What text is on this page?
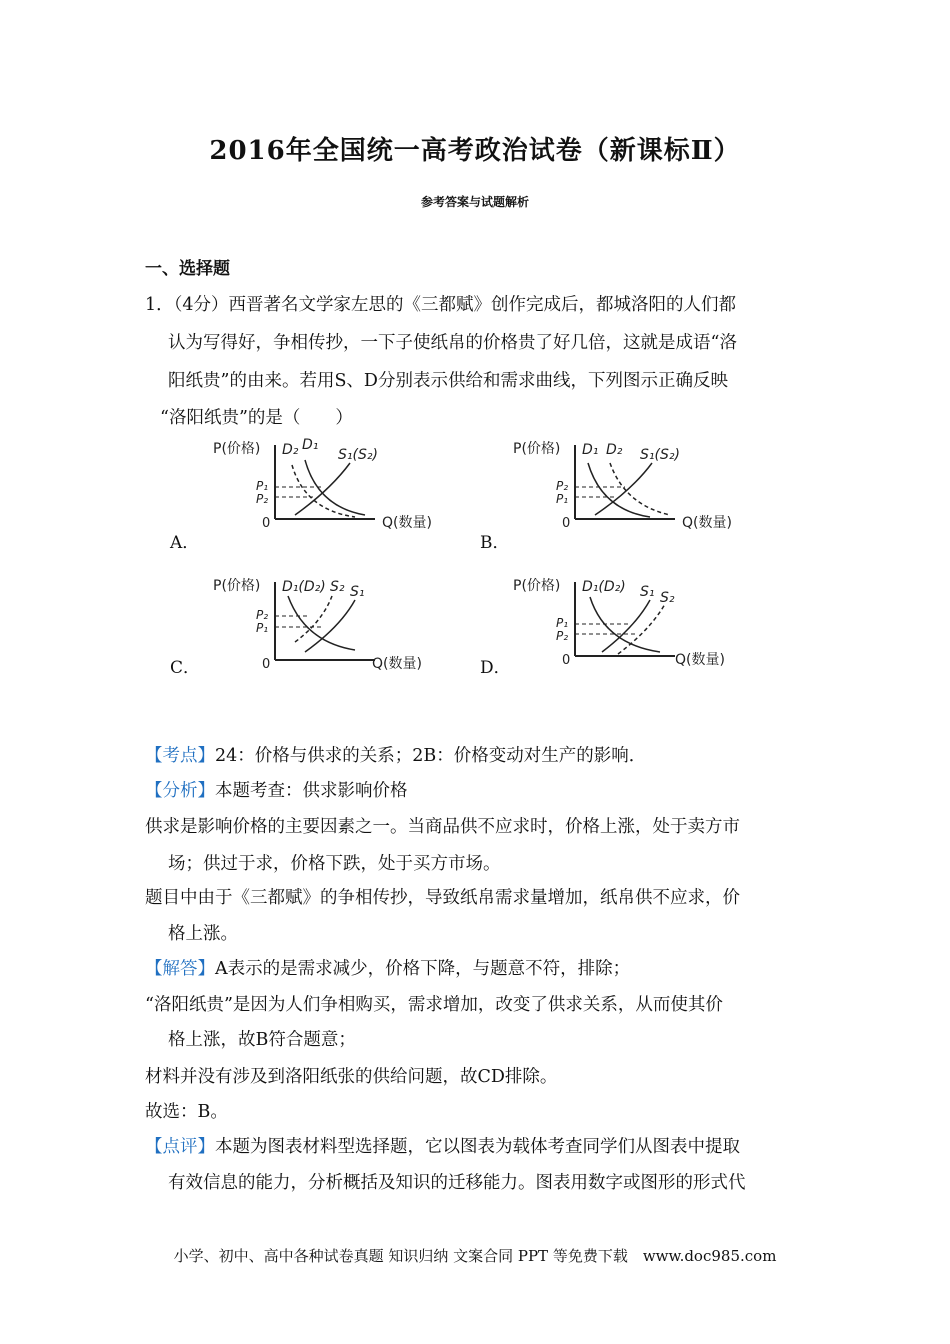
2016年全国统一高考政治试卷（新课标Ⅱ）
参考答案与试题解析
一、选择题
1．（4分）西晋著名文学家左思的《三都赋》创作完成后，都城洛阳的人们都
认为写得好，争相传抄，一下子使纸帛的价格贵了好几倍，这就是成语“洛
阳纸贵”的由来。若用S、D分别表示供给和需求曲线，下列图示正确反映
“洛阳纸贵”的是（　　）
A．
P(价格) D₂ D₁
S₁(S₂)
Q(数量)
0
P₁
P₂
B．
P(价格) D₁ D₂ S₁(S₂)
Q(数量)
0
P₂
P₁
C．
P(价格) D₁(D₂) S₂ S₁
Q(数量)
0
P₂
P₁
D．
P(价格) D₁(D₂) S₁ S₂
Q(数量)
0
P₁
P₂
【考点】24：价格与供求的关系；2B：价格变动对生产的影响．
【分析】本题考查：供求影响价格
供求是影响价格的主要因素之一。当商品供不应求时，价格上涨，处于卖方市
场；供过于求，价格下跌，处于买方市场。
题目中由于《三都赋》的争相传抄，导致纸帛需求量增加，纸帛供不应求，价
格上涨。
【解答】A表示的是需求减少，价格下降，与题意不符，排除；
“洛阳纸贵”是因为人们争相购买，需求增加，改变了供求关系，从而使其价
格上涨，故B符合题意；
材料并没有涉及到洛阳纸张的供给问题，故CD排除。
故选：B。
【点评】本题为图表材料型选择题，它以图表为载体考查同学们从图表中提取
有效信息的能力，分析概括及知识的迁移能力。图表用数字或图形的形式代
小学、初中、高中各种试卷真题 知识归纳 文案合同 PPT 等免费下载　www.doc985.com
